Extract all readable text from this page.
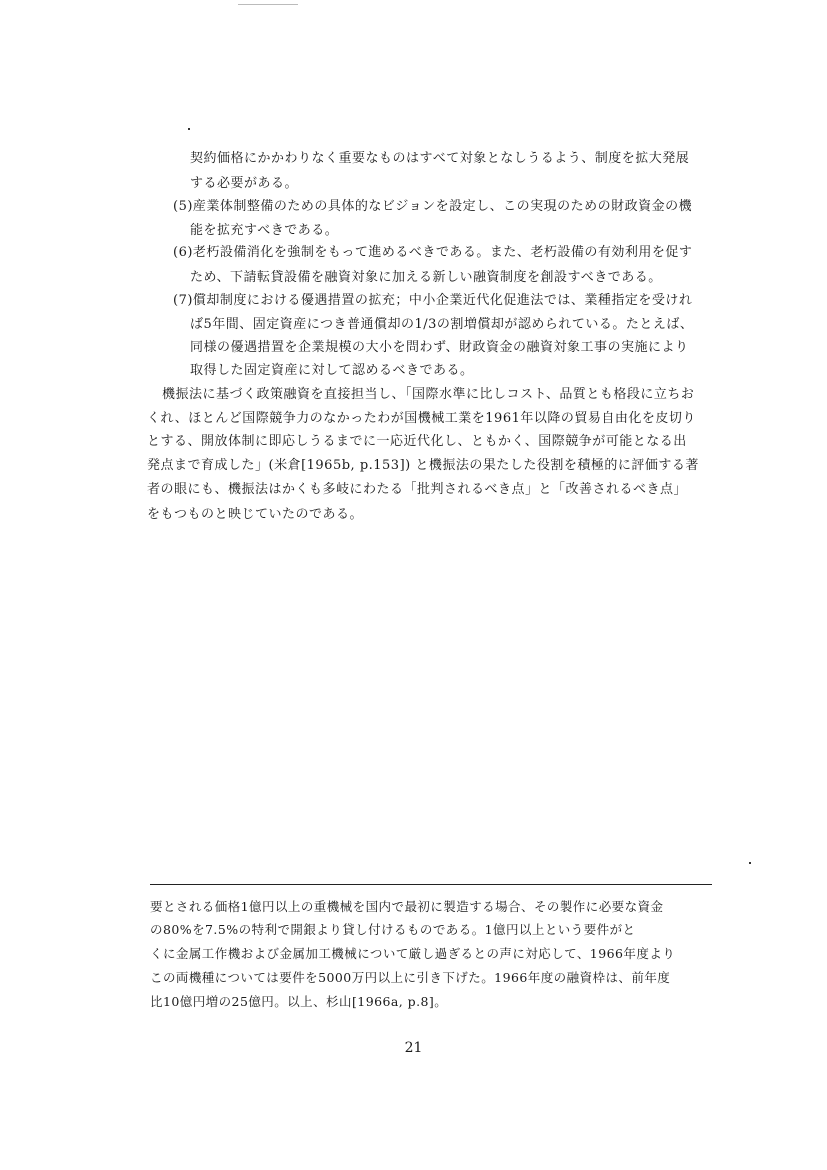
契約価格にかかわりなく重要なものはすべて対象となしうるよう、制度を拡大発展
する必要がある。
(5)産業体制整備のための具体的なビジョンを設定し、この実現のための財政資金の機
能を拡充すべきである。
(6)老朽設備消化を強制をもって進めるべきである。また、老朽設備の有効利用を促す
ため、下請転貸設備を融資対象に加える新しい融資制度を創設すべきである。
(7)償却制度における優遇措置の拡充；中小企業近代化促進法では、業種指定を受けれ
ば5年間、固定資産につき普通償却の1/3の割増償却が認められている。たとえば、
同様の優遇措置を企業規模の大小を問わず、財政資金の融資対象工事の実施により
取得した固定資産に対して認めるべきである。
機振法に基づく政策融資を直接担当し、「国際水準に比しコスト、品質とも格段に立ちお
くれ、ほとんど国際競争力のなかったわが国機械工業を1961年以降の貿易自由化を皮切り
とする、開放体制に即応しうるまでに一応近代化し、ともかく、国際競争が可能となる出
発点まで育成した」(米倉[1965b, p.153]) と機振法の果たした役割を積極的に評価する著
者の眼にも、機振法はかくも多岐にわたる「批判されるべき点」と「改善されるべき点」
をもつものと映じていたのである。
要とされる価格1億円以上の重機械を国内で最初に製造する場合、その製作に必要な資金
の80%を7.5%の特利で開銀より貸し付けるものである。1億円以上という要件がと
くに金属工作機および金属加工機械について厳し過ぎるとの声に対応して、1966年度より
この両機種については要件を5000万円以上に引き下げた。1966年度の融資枠は、前年度
比10億円増の25億円。以上、杉山[1966a, p.8]。
21
